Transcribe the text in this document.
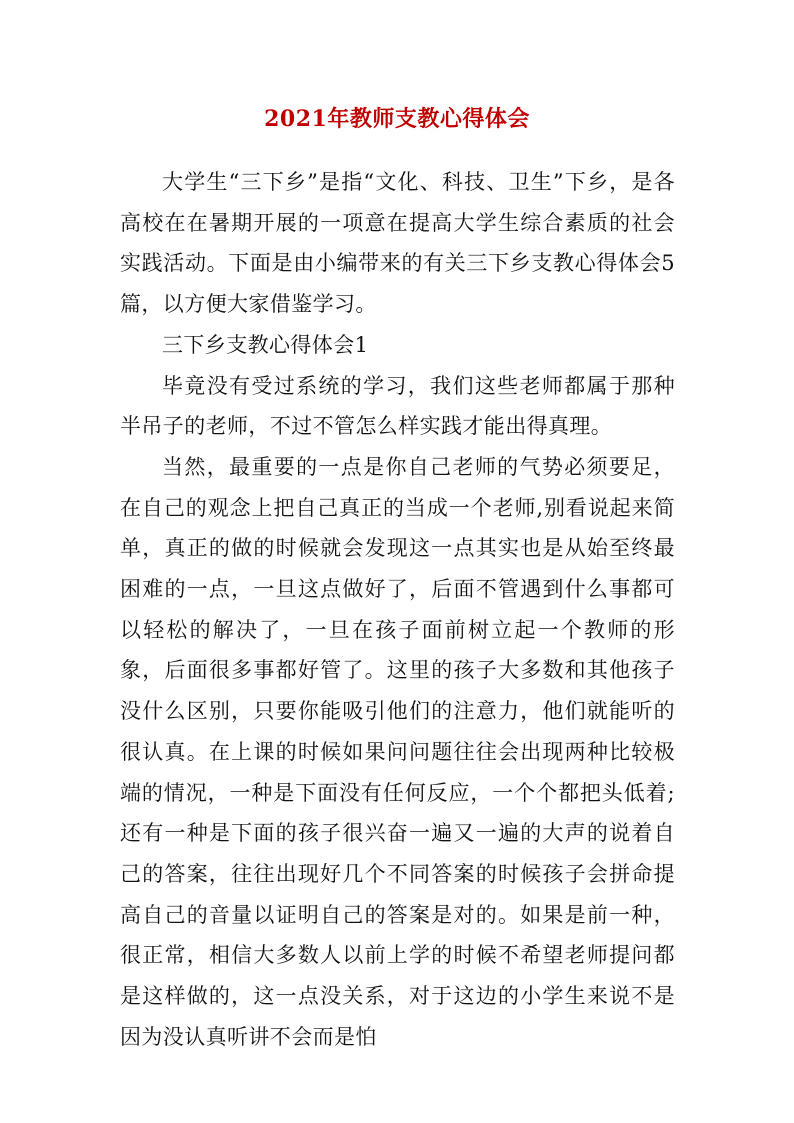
2021年教师支教心得体会

大学生“三下乡”是指“文化、科技、卫生”下乡，是各高校在在暑期开展的一项意在提高大学生综合素质的社会实践活动。下面是由小编带来的有关三下乡支教心得体会5篇，以方便大家借鉴学习。

三下乡支教心得体会1

毕竟没有受过系统的学习，我们这些老师都属于那种半吊子的老师，不过不管怎么样实践才能出得真理。

当然，最重要的一点是你自己老师的气势必须要足，在自己的观念上把自己真正的当成一个老师,别看说起来简单，真正的做的时候就会发现这一点其实也是从始至终最困难的一点，一旦这点做好了，后面不管遇到什么事都可以轻松的解决了，一旦在孩子面前树立起一个教师的形象，后面很多事都好管了。这里的孩子大多数和其他孩子没什么区别，只要你能吸引他们的注意力，他们就能听的很认真。在上课的时候如果问问题往往会出现两种比较极端的情况，一种是下面没有任何反应，一个个都把头低着;还有一种是下面的孩子很兴奋一遍又一遍的大声的说着自己的答案，往往出现好几个不同答案的时候孩子会拼命提高自己的音量以证明自己的答案是对的。如果是前一种，很正常，相信大多数人以前上学的时候不希望老师提问都是这样做的，这一点没关系，对于这边的小学生来说不是因为没认真听讲不会而是怕
